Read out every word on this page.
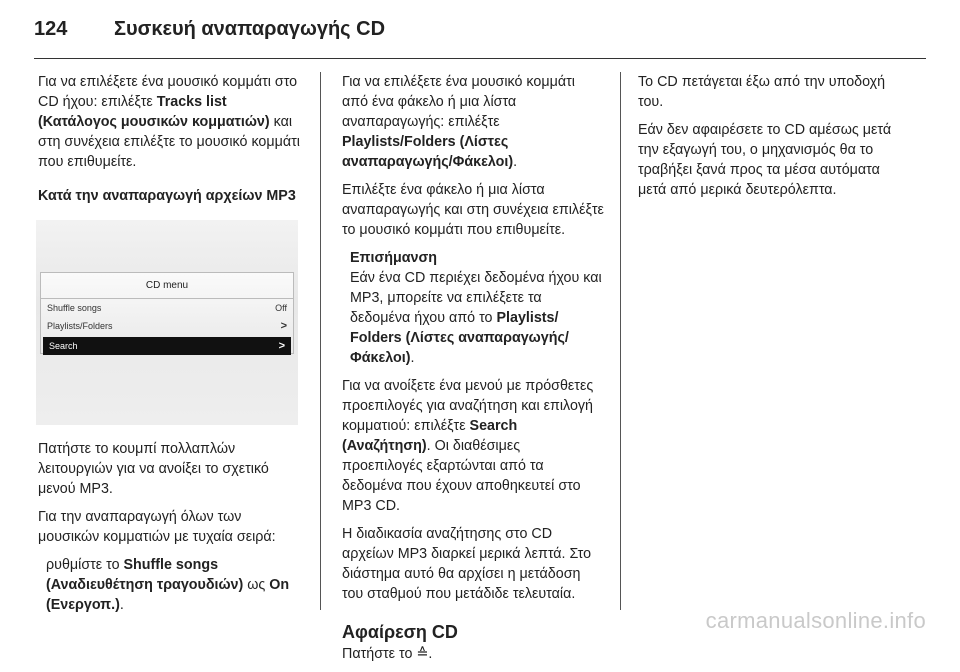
124	Συσκευή αναπαραγωγής CD

Για να επιλέξετε ένα μουσικό κομμάτι στο CD ήχου: επιλέξτε Tracks list (Κατάλογος μουσικών κομματιών) και στη συνέχεια επιλέξτε το μουσικό κομμάτι που επιθυμείτε.

Κατά την αναπαραγωγή αρχείων MP3

CD menu
Shuffle songs	Off
Playlists/Folders	>
Search	>

Πατήστε το κουμπί πολλαπλών λειτουργιών για να ανοίξει το σχετικό μενού MP3.

Για την αναπαραγωγή όλων των μουσικών κομματιών με τυχαία σειρά:

ρυθμίστε το Shuffle songs (Αναδιευθέτηση τραγουδιών) ως On (Ενεργοπ.).

Για να επιλέξετε ένα μουσικό κομμάτι από ένα φάκελο ή μια λίστα αναπαραγωγής: επιλέξτε Playlists/Folders (Λίστες αναπαραγωγής/Φάκελοι).

Επιλέξτε ένα φάκελο ή μια λίστα αναπαραγωγής και στη συνέχεια επιλέξτε το μουσικό κομμάτι που επιθυμείτε.

Επισήμανση
Εάν ένα CD περιέχει δεδομένα ήχου και MP3, μπορείτε να επιλέξετε τα δεδομένα ήχου από το Playlists/ Folders (Λίστες αναπαραγωγής/ Φάκελοι).

Για να ανοίξετε ένα μενού με πρόσθετες προεπιλογές για αναζήτηση και επιλογή κομματιού: επιλέξτε Search (Αναζήτηση). Οι διαθέσιμες προεπιλογές εξαρτώνται από τα δεδομένα που έχουν αποθηκευτεί στο MP3 CD.

Η διαδικασία αναζήτησης στο CD αρχείων MP3 διαρκεί μερικά λεπτά. Στο διάστημα αυτό θα αρχίσει η μετάδοση του σταθμού που μετάδιδε τελευταία.

Αφαίρεση CD

Πατήστε το ≙.

Το CD πετάγεται έξω από την υποδοχή του.

Εάν δεν αφαιρέσετε το CD αμέσως μετά την εξαγωγή του, ο μηχανισμός θα το τραβήξει ξανά προς τα μέσα αυτόματα μετά από μερικά δευτερόλεπτα.

carmanualsonline.info
